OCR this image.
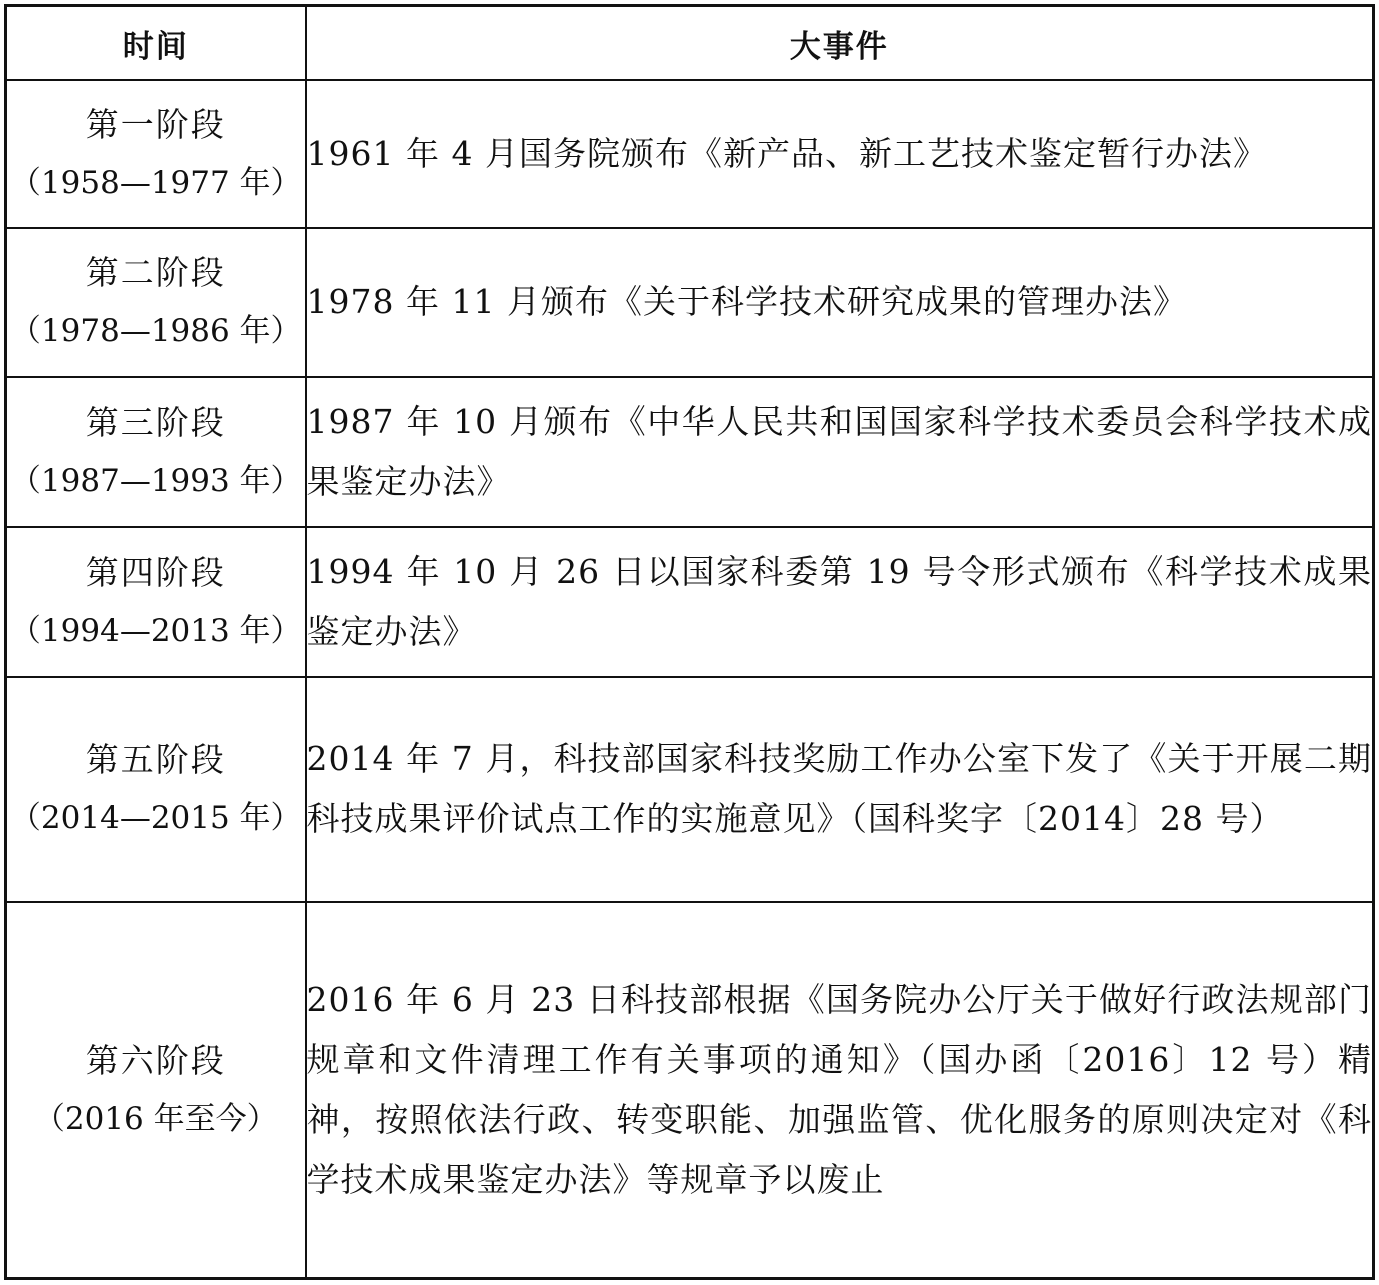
时间	大事件

第一阶段
（1958—1977 年）	1961 年 4 月国务院颁布《新产品、新工艺技术鉴定暂行办法》

第二阶段
（1978—1986 年）	1978 年 11 月颁布《关于科学技术研究成果的管理办法》

第三阶段
（1987—1993 年）	1987 年 10 月颁布《中华人民共和国国家科学技术委员会科学技术成果鉴定办法》

第四阶段
（1994—2013 年）	1994 年 10 月 26 日以国家科委第 19 号令形式颁布《科学技术成果鉴定办法》

第五阶段
（2014—2015 年）	2014 年 7 月，科技部国家科技奖励工作办公室下发了《关于开展二期科技成果评价试点工作的实施意见》（国科奖字〔2014〕28 号）

第六阶段
（2016 年至今）	2016 年 6 月 23 日科技部根据《国务院办公厅关于做好行政法规部门规章和文件清理工作有关事项的通知》（国办函〔2016〕12 号）精神，按照依法行政、转变职能、加强监管、优化服务的原则决定对《科学技术成果鉴定办法》等规章予以废止
